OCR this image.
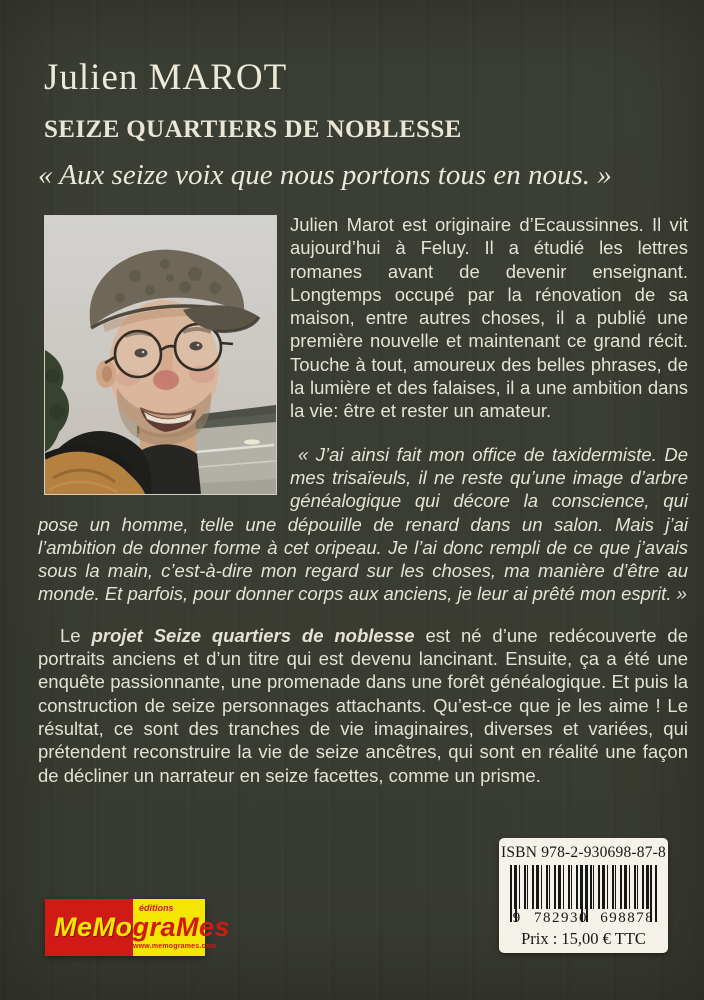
Julien MAROT
SEIZE QUARTIERS DE NOBLESSE
« Aux seize voix que nous portons tous en nous. »

Julien Marot est originaire d’Ecaussinnes. Il vit aujourd’hui à Feluy. Il a étudié les lettres romanes avant de devenir enseignant. Longtemps occupé par la rénovation de sa maison, entre autres choses, il a publié une première nouvelle et maintenant ce grand récit. Touche à tout, amoureux des belles phrases, de la lumière et des falaises, il a une ambition dans la vie: être et rester un amateur.

« J’ai ainsi fait mon office de taxidermiste. De mes trisaïeuls, il ne reste qu’une image d’arbre généalogique qui décore la conscience, qui pose un homme, telle une dépouille de renard dans un salon. Mais j’ai l’ambition de donner forme à cet oripeau. Je l’ai donc rempli de ce que j’avais sous la main, c’est-à-dire mon regard sur les choses, ma manière d’être au monde. Et parfois, pour donner corps aux anciens, je leur ai prêté mon esprit. »

Le projet Seize quartiers de noblesse est né d’une redécouverte de portraits anciens et d’un titre qui est devenu lancinant. Ensuite, ça a été une enquête passionnante, une promenade dans une forêt généalogique. Et puis la construction de seize personnages attachants. Qu’est-ce que je les aime ! Le résultat, ce sont des tranches de vie imaginaires, diverses et variées, qui prétendent reconstruire la vie de seize ancêtres, qui sont en réalité une façon de décliner un narrateur en seize facettes, comme un prisme.

éditions
MeMograMes
www.memogrames.com
ISBN 978-2-930698-87-8
9 782930 698878
Prix : 15,00 € TTC
